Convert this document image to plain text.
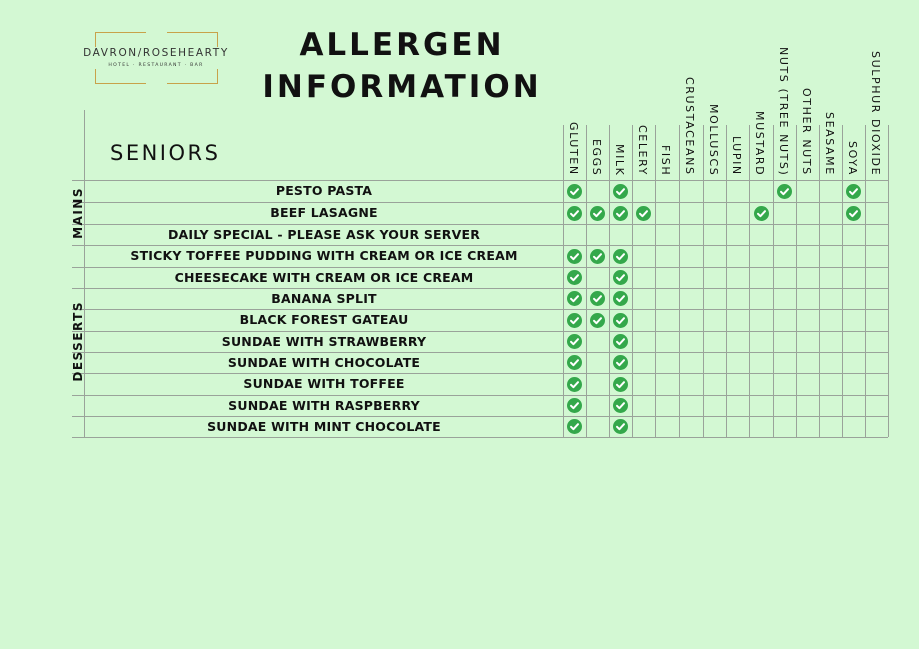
DAVRON/ROSEHEARTY
HOTEL · RESTAURANT · BAR
ALLERGEN INFORMATION
SENIORS	GLUTEN EGGS MILK CELERY FISH CRUSTACEANS MOLLUSCS LUPIN MUSTARD NUTS (TREE NUTS) OTHER NUTS SEASAME SOYA SULPHUR DIOXIDE
PESTO PASTA
BEEF LASAGNE
DAILY SPECIAL - PLEASE ASK YOUR SERVER
STICKY TOFFEE PUDDING WITH CREAM OR ICE CREAM
CHEESECAKE WITH CREAM OR ICE CREAM
BANANA SPLIT
BLACK FOREST GATEAU
SUNDAE WITH STRAWBERRY
SUNDAE WITH CHOCOLATE
SUNDAE WITH TOFFEE
SUNDAE WITH RASPBERRY
SUNDAE WITH MINT CHOCOLATE
MAINS
DESSERTS
